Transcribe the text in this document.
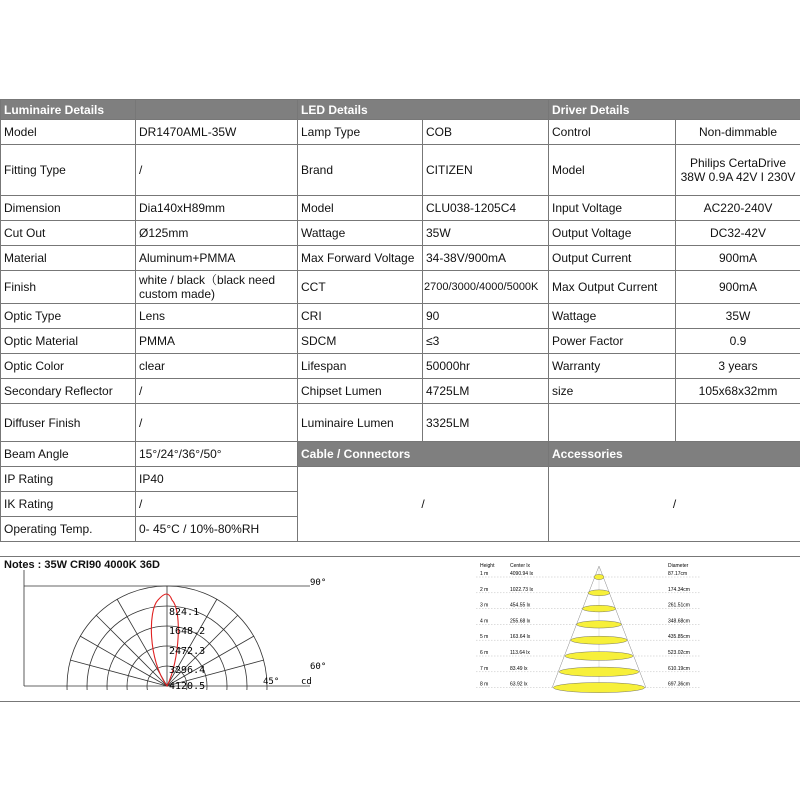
Luminaire Details		LED Details		Driver Details	
Model	DR1470AML-35W	Lamp Type	COB	Control	Non-dimmable
Fitting Type	/	Brand	CITIZEN	Model	Philips CertaDrive 38W 0.9A 42V I 230V
Dimension	Dia140xH89mm	Model	CLU038-1205C4	Input Voltage	AC220-240V
Cut Out	Ø125mm	Wattage	35W	Output Voltage	DC32-42V
Material	Aluminum+PMMA	Max Forward Voltage	34-38V/900mA	Output Current	900mA
Finish	white / black（black need custom made)	CCT	2700/3000/4000/5000K	Max Output Current	900mA
Optic Type	Lens	CRI	90	Wattage	35W
Optic Material	PMMA	SDCM	≤3	Power Factor	0.9
Optic Color	clear	Lifespan	50000hr	Warranty	3 years
Secondary Reflector	/	Chipset Lumen	4725LM	size	105x68x32mm
Diffuser Finish	/	Luminaire Lumen	3325LM		
Beam Angle	15°/24°/36°/50°	Cable / Connectors		Accessories	
IP Rating	IP40	/		/	
IK Rating	/				
Operating Temp.	0- 45°C / 10%-80%RH				
Notes : 35W CRI90 4000K 36D
824.1
1648.2
2472.3
3296.4
4120.5
90°
60°
45° cd
Height	Center lx	Diameter
1 m	4090.94 lx	87.17cm
2 m	1022.73 lx	174.34cm
3 m	454.55 lx	261.51cm
4 m	255.68 lx	348.68cm
5 m	163.64 lx	435.85cm
6 m	113.64 lx	523.02cm
7 m	83.49 lx	610.19cm
8 m	63.92 lx	697.36cm
